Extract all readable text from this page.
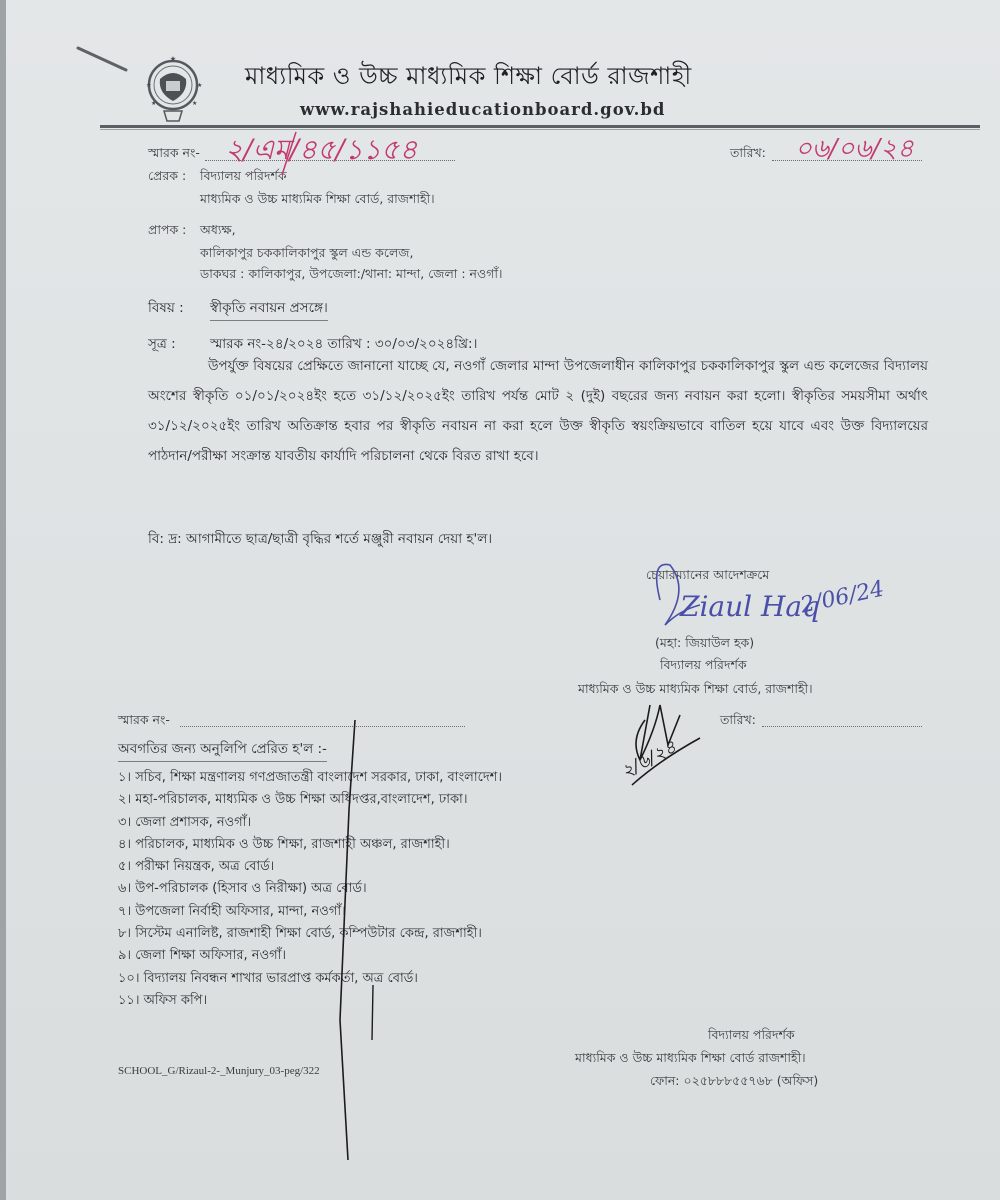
★
★	★
★	★
মাধ্যমিক ও উচ্চ মাধ্যমিক শিক্ষা বোর্ড রাজশাহী
www.rajshahieducationboard.gov.bd
স্মারক নং- ২/এম/৪৫/১১৫৪	তারিখ: ০৬/০৬/২৪
প্রেরক : বিদ্যালয় পরিদর্শক
মাধ্যমিক ও উচ্চ মাধ্যমিক শিক্ষা বোর্ড, রাজশাহী।
প্রাপক : অধ্যক্ষ,
কালিকাপুর চককালিকাপুর স্কুল এন্ড কলেজ,
ডাকঘর : কালিকাপুর, উপজেলা:/থানা: মান্দা, জেলা : নওগাঁ।
বিষয় : স্বীকৃতি নবায়ন প্রসঙ্গে।
সূত্র :	স্মারক নং-২৪/২০২৪ তারিখ : ৩০/০৩/২০২৪খ্রি:।

উপর্যুক্ত বিষয়ের প্রেক্ষিতে জানানো যাচ্ছে যে, নওগাঁ জেলার মান্দা উপজেলাধীন কালিকাপুর চককালিকাপুর স্কুল এন্ড কলেজের বিদ্যালয় অংশের স্বীকৃতি ০১/০১/২০২৪ইং হতে ৩১/১২/২০২৫ইং তারিখ পর্যন্ত মোট ২ (দুই) বছরের জন্য নবায়ন করা হলো। স্বীকৃতির সময়সীমা অর্থাৎ ৩১/১২/২০২৫ইং তারিখ অতিক্রান্ত হবার পর স্বীকৃতি নবায়ন না করা হলে উক্ত স্বীকৃতি স্বয়ংক্রিয়ভাবে বাতিল হয়ে যাবে এবং উক্ত বিদ্যালয়ের পাঠদান/পরীক্ষা সংক্রান্ত যাবতীয় কার্যাদি পরিচালনা থেকে বিরত রাখা হবে।

বি: দ্র: আগামীতে ছাত্র/ছাত্রী বৃদ্ধির শর্তে মঞ্জুরী নবায়ন দেয়া হ'ল।
চেয়ারম্যানের আদেশক্রমে
Ziaul Haq
2/06/24
(মহা: জিয়াউল হক)
বিদ্যালয় পরিদর্শক
মাধ্যমিক ও উচ্চ মাধ্যমিক শিক্ষা বোর্ড, রাজশাহী।
স্মারক নং-	তারিখ:
অবগতির জন্য অনুলিপি প্রেরিত হ'ল :-
১। সচিব, শিক্ষা মন্ত্রণালয় গণপ্রজাতন্ত্রী বাংলাদেশ সরকার, ঢাকা, বাংলাদেশ।
২। মহা-পরিচালক, মাধ্যমিক ও উচ্চ শিক্ষা অধিদপ্তর,বাংলাদেশ, ঢাকা।
৩। জেলা প্রশাসক, নওগাঁ।
৪। পরিচালক, মাধ্যমিক ও উচ্চ শিক্ষা, রাজশাহী অঞ্চল, রাজশাহী।
৫। পরীক্ষা নিয়ন্ত্রক, অত্র বোর্ড।
৬। উপ-পরিচালক (হিসাব ও নিরীক্ষা) অত্র বোর্ড।
৭। উপজেলা নির্বাহী অফিসার, মান্দা, নওগাঁ।
৮। সিস্টেম এনালিষ্ট, রাজশাহী শিক্ষা বোর্ড, কম্পিউটার কেন্দ্র, রাজশাহী।
৯। জেলা শিক্ষা অফিসার, নওগাঁ।
১০। বিদ্যালয় নিবন্ধন শাখার ভারপ্রাপ্ত কর্মকর্তা, অত্র বোর্ড।
১১। অফিস কপি।
২/৬/২৪
বিদ্যালয় পরিদর্শক
মাধ্যমিক ও উচ্চ মাধ্যমিক শিক্ষা বোর্ড রাজশাহী।
ফোন: ০২৫৮৮৮৫৫৭৬৮ (অফিস)
SCHOOL_G/Rizaul-2-_Munjury_03-peg/322
